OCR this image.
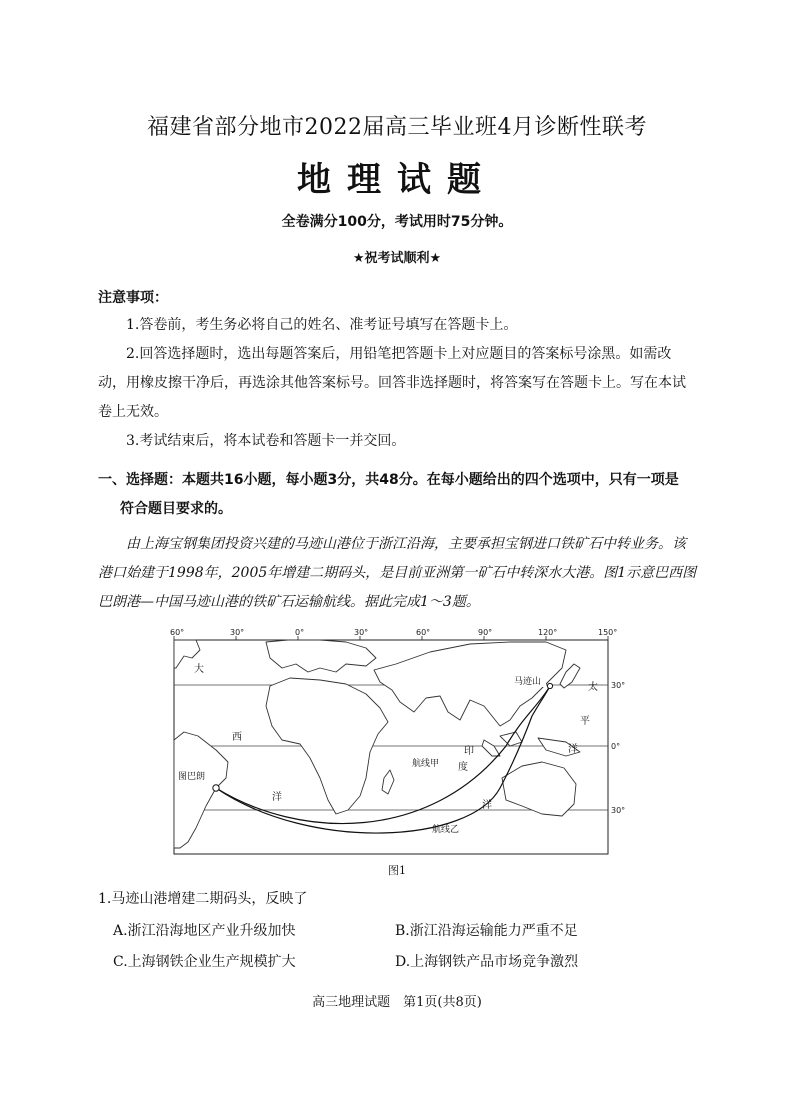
福建省部分地市2022届高三毕业班4月诊断性联考
地理试题
全卷满分100分，考试用时75分钟。
★祝考试顺利★
注意事项：
1.答卷前，考生务必将自己的姓名、准考证号填写在答题卡上。
2.回答选择题时，选出每题答案后，用铅笔把答题卡上对应题目的答案标号涂黑。如需改动，用橡皮擦干净后，再选涂其他答案标号。回答非选择题时，将答案写在答题卡上。写在本试卷上无效。
3.考试结束后，将本试卷和答题卡一并交回。
一、选择题：本题共16小题，每小题3分，共48分。在每小题给出的四个选项中，只有一项是
符合题目要求的。
由上海宝钢集团投资兴建的马迹山港位于浙江沿海，主要承担宝钢进口铁矿石中转业务。该港口始建于1998年，2005年增建二期码头，是目前亚洲第一矿石中转深水大港。图1示意巴西图巴朗港—中国马迹山港的铁矿石运输航线。据此完成1～3题。
60°	30°	0°	30°	60°	90°	120°	150°
30°
0°
30°
图巴朗
马迹山
航线甲
航线乙
大
西
洋
印
度
洋
太
平
洋
图1
1.马迹山港增建二期码头，反映了
A.浙江沿海地区产业升级加快	B.浙江沿海运输能力严重不足
C.上海钢铁企业生产规模扩大	D.上海钢铁产品市场竞争激烈
高三地理试题　第1页(共8页)
